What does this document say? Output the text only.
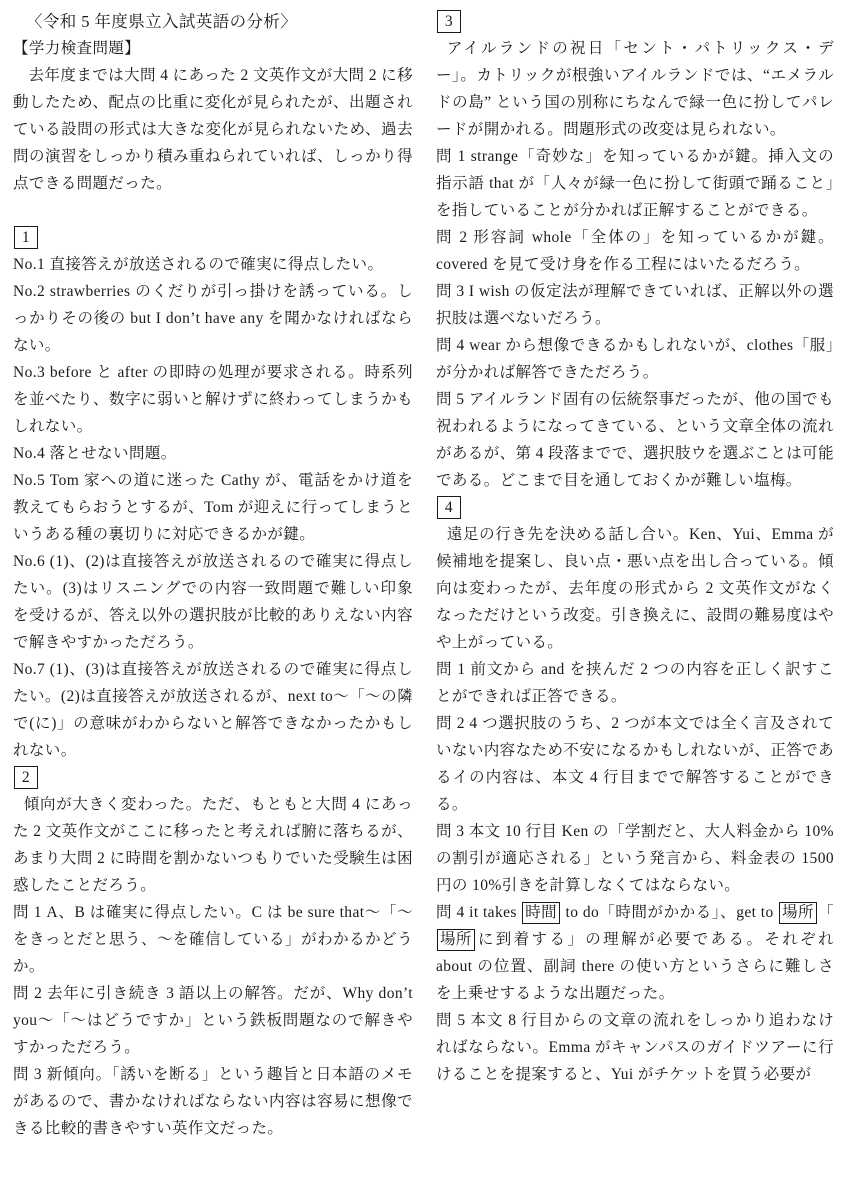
〈令和 5 年度県立入試英語の分析〉
【学力検査問題】

去年度までは大問 4 にあった 2 文英作文が大問 2 に移動したため、配点の比重に変化が見られたが、出題されている設問の形式は大きな変化が見られないため、過去問の演習をしっかり積み重ねられていれば、しっかり得点できる問題だった。

1

No.1 直接答えが放送されるので確実に得点したい。

No.2 strawberries のくだりが引っ掛けを誘っている。しっかりその後の but I don’t have any を聞かなければならない。

No.3 before と after の即時の処理が要求される。時系列を並べたり、数字に弱いと解けずに終わってしまうかもしれない。

No.4 落とせない問題。

No.5 Tom 家への道に迷った Cathy が、電話をかけ道を教えてもらおうとするが、Tom が迎えに行ってしまうというある種の裏切りに対応できるかが鍵。

No.6 (1)、(2)は直接答えが放送されるので確実に得点したい。(3)はリスニングでの内容一致問題で難しい印象を受けるが、答え以外の選択肢が比較的ありえない内容で解きやすかっただろう。

No.7 (1)、(3)は直接答えが放送されるので確実に得点したい。(2)は直接答えが放送されるが、next to〜「〜の隣で(に)」の意味がわからないと解答できなかったかもしれない。

2

傾向が大きく変わった。ただ、もともと大問 4 にあった 2 文英作文がここに移ったと考えれば腑に落ちるが、あまり大問 2 に時間を割かないつもりでいた受験生は困惑したことだろう。

問 1 A、B は確実に得点したい。C は be sure that〜「〜をきっとだと思う、〜を確信している」がわかるかどうか。

問 2 去年に引き続き 3 語以上の解答。だが、Why don’t you〜「〜はどうですか」という鉄板問題なので解きやすかっただろう。

問 3 新傾向。「誘いを断る」という趣旨と日本語のメモがあるので、書かなければならない内容は容易に想像できる比較的書きやすい英作文だった。

3

アイルランドの祝日「セント・パトリックス・デー」。カトリックが根強いアイルランドでは、“エメラルドの島” という国の別称にちなんで緑一色に扮してパレードが開かれる。問題形式の改変は見られない。

問 1 strange「奇妙な」を知っているかが鍵。挿入文の指示語 that が「人々が緑一色に扮して街頭で踊ること」を指していることが分かれば正解することができる。

問 2 形容詞 whole「全体の」を知っているかが鍵。covered を見て受け身を作る工程にはいたるだろう。

問 3 I wish の仮定法が理解できていれば、正解以外の選択肢は選べないだろう。

問 4 wear から想像できるかもしれないが、clothes「服」が分かれば解答できただろう。

問 5 アイルランド固有の伝統祭事だったが、他の国でも祝われるようになってきている、という文章全体の流れがあるが、第 4 段落までで、選択肢ウを選ぶことは可能である。どこまで目を通しておくかが難しい塩梅。

4

遠足の行き先を決める話し合い。Ken、Yui、Emma が候補地を提案し、良い点・悪い点を出し合っている。傾向は変わったが、去年度の形式から 2 文英作文がなくなっただけという改変。引き換えに、設問の難易度はやや上がっている。

問 1 前文から and を挟んだ 2 つの内容を正しく訳すことができれば正答できる。

問 2 4 つ選択肢のうち、2 つが本文では全く言及されていない内容なため不安になるかもしれないが、正答であるイの内容は、本文 4 行目までで解答することができる。

問 3 本文 10 行目 Ken の「学割だと、大人料金から 10%の割引が適応される」という発言から、料金表の 1500 円の 10%引きを計算しなくてはならない。

問 4 it takes 時間 to do「時間がかかる」、get to 場所 「場所 に到着する」の理解が必要である。それぞれ about の位置、副詞 there の使い方というさらに難しさを上乗せするような出題だった。

問 5 本文 8 行目からの文章の流れをしっかり追わなければならない。Emma がキャンパスのガイドツアーに行けることを提案すると、Yui がチケットを買う必要が
